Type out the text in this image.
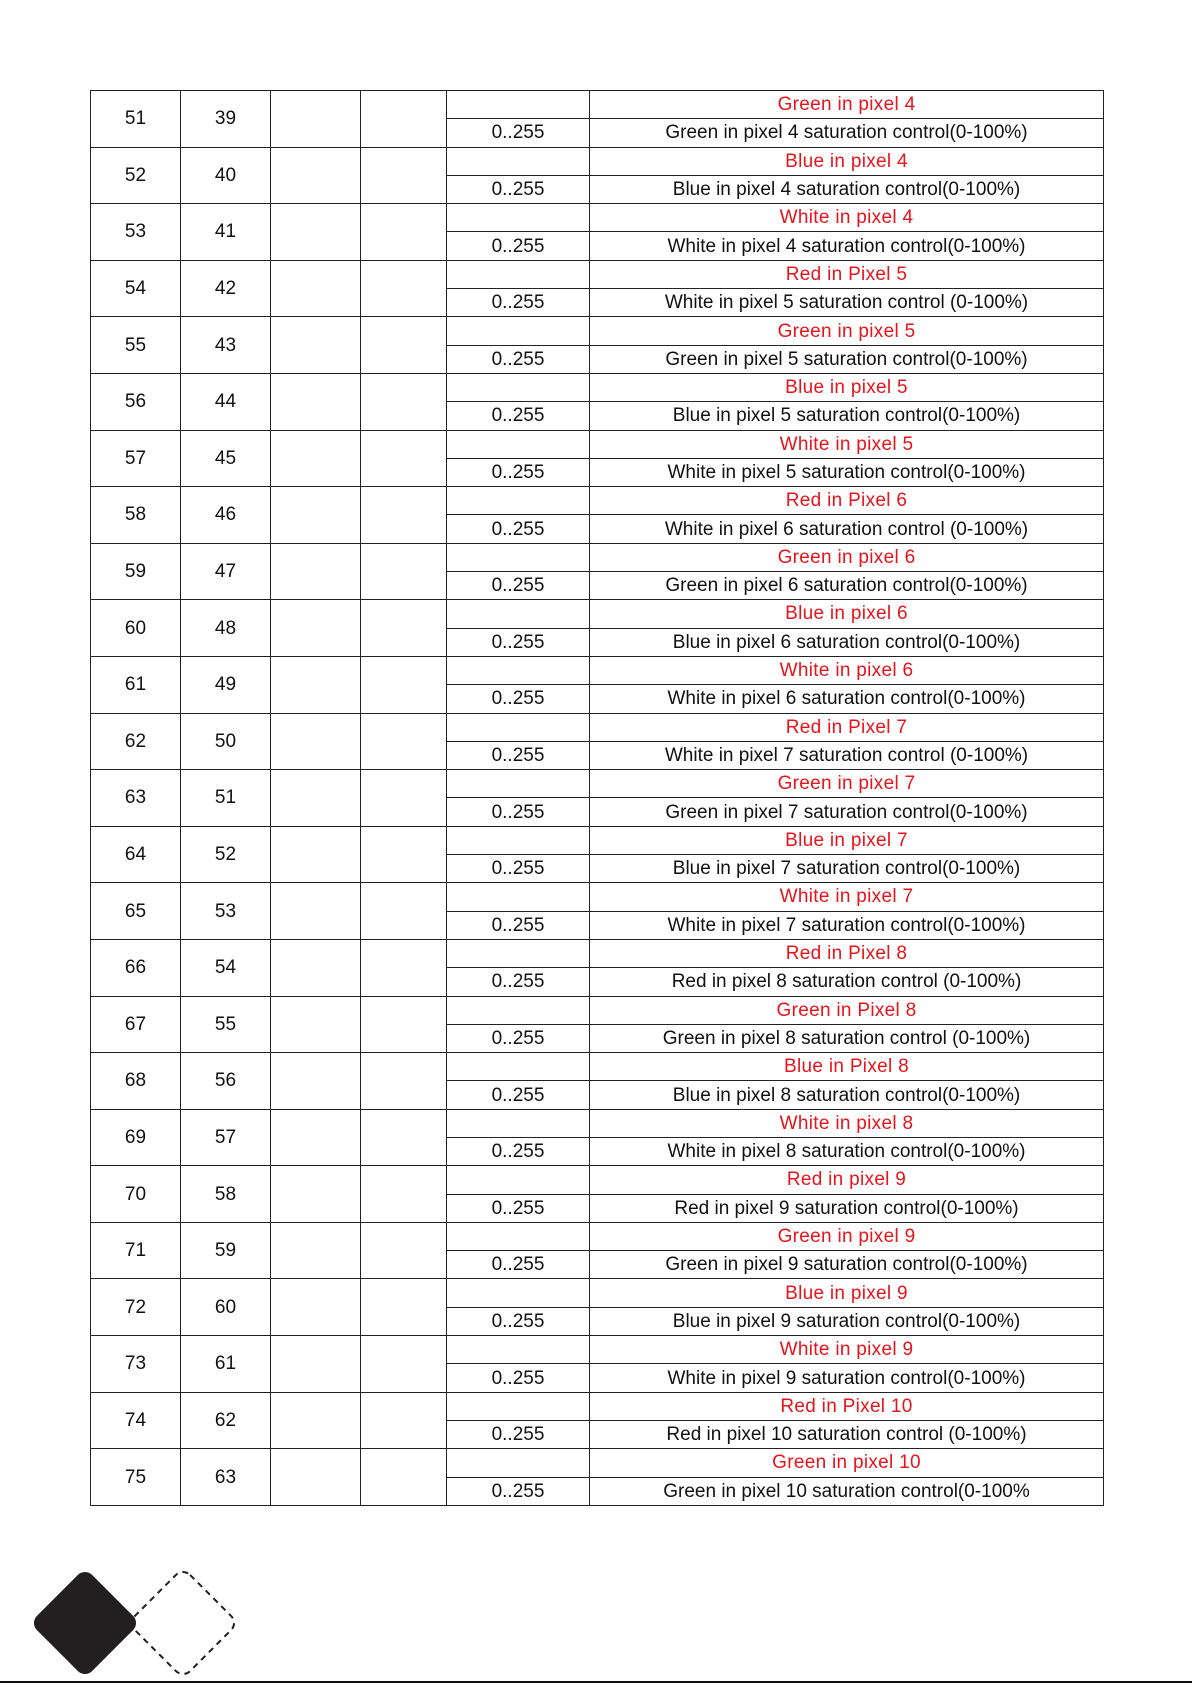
51	39				Green in pixel 4
				0..255	Green in pixel 4 saturation control(0-100%)
52	40				Blue in pixel 4
				0..255	Blue in pixel 4 saturation control(0-100%)
53	41				White in pixel 4
				0..255	White in pixel 4 saturation control(0-100%)
54	42				Red in Pixel 5
				0..255	White in pixel 5 saturation control (0-100%)
55	43				Green in pixel 5
				0..255	Green in pixel 5 saturation control(0-100%)
56	44				Blue in pixel 5
				0..255	Blue in pixel 5 saturation control(0-100%)
57	45				White in pixel 5
				0..255	White in pixel 5 saturation control(0-100%)
58	46				Red in Pixel 6
				0..255	White in pixel 6 saturation control (0-100%)
59	47				Green in pixel 6
				0..255	Green in pixel 6 saturation control(0-100%)
60	48				Blue in pixel 6
				0..255	Blue in pixel 6 saturation control(0-100%)
61	49				White in pixel 6
				0..255	White in pixel 6 saturation control(0-100%)
62	50				Red in Pixel 7
				0..255	White in pixel 7 saturation control (0-100%)
63	51				Green in pixel 7
				0..255	Green in pixel 7 saturation control(0-100%)
64	52				Blue in pixel 7
				0..255	Blue in pixel 7 saturation control(0-100%)
65	53				White in pixel 7
				0..255	White in pixel 7 saturation control(0-100%)
66	54				Red in Pixel 8
				0..255	Red in pixel 8 saturation control (0-100%)
67	55				Green in Pixel 8
				0..255	Green in pixel 8 saturation control (0-100%)
68	56				Blue in Pixel 8
				0..255	Blue in pixel 8 saturation control(0-100%)
69	57				White in pixel 8
				0..255	White in pixel 8 saturation control(0-100%)
70	58				Red in pixel 9
				0..255	Red in pixel 9 saturation control(0-100%)
71	59				Green in pixel 9
				0..255	Green in pixel 9 saturation control(0-100%)
72	60				Blue in pixel 9
				0..255	Blue in pixel 9 saturation control(0-100%)
73	61				White in pixel 9
				0..255	White in pixel 9 saturation control(0-100%)
74	62				Red in Pixel 10
				0..255	Red in pixel 10 saturation control (0-100%)
75	63				Green in pixel 10
				0..255	Green in pixel 10 saturation control(0-100%
